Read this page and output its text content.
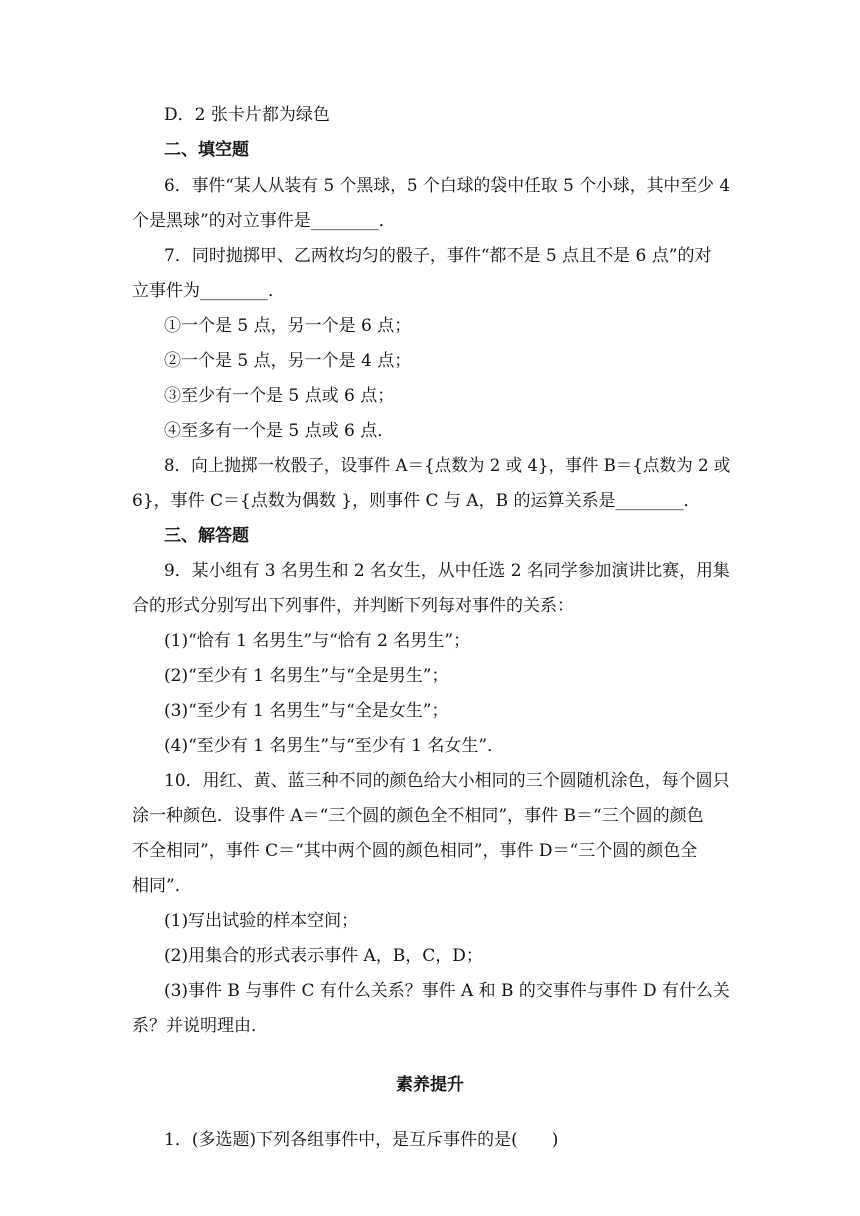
D．2 张卡片都为绿色
二、填空题
6．事件“某人从装有 5 个黑球，5 个白球的袋中任取 5 个小球，其中至少 4
个是黑球”的对立事件是________．
7．同时抛掷甲、乙两枚均匀的骰子，事件“都不是 5 点且不是 6 点”的对
立事件为________．
①一个是 5 点，另一个是 6 点；
②一个是 5 点，另一个是 4 点；
③至少有一个是 5 点或 6 点；
④至多有一个是 5 点或 6 点．
8．向上抛掷一枚骰子，设事件 A＝{点数为 2 或 4}，事件 B＝{点数为 2 或
6}，事件 C＝{点数为偶数 }，则事件 C 与 A，B 的运算关系是________．
三、解答题
9．某小组有 3 名男生和 2 名女生，从中任选 2 名同学参加演讲比赛，用集
合的形式分别写出下列事件，并判断下列每对事件的关系：
(1)“恰有 1 名男生”与“恰有 2 名男生”；
(2)“至少有 1 名男生”与“全是男生”；
(3)“至少有 1 名男生”与“全是女生”；
(4)“至少有 1 名男生”与“至少有 1 名女生”．
10．用红、黄、蓝三种不同的颜色给大小相同的三个圆随机涂色，每个圆只
涂一种颜色．设事件 A＝“三个圆的颜色全不相同”，事件 B＝“三个圆的颜色
不全相同”，事件 C＝“其中两个圆的颜色相同”，事件 D＝“三个圆的颜色全
相同”．
(1)写出试验的样本空间；
(2)用集合的形式表示事件 A，B，C，D；
(3)事件 B 与事件 C 有什么关系？事件 A 和 B 的交事件与事件 D 有什么关
系？并说明理由．
素养提升
1．(多选题)下列各组事件中，是互斥事件的是(　　)
